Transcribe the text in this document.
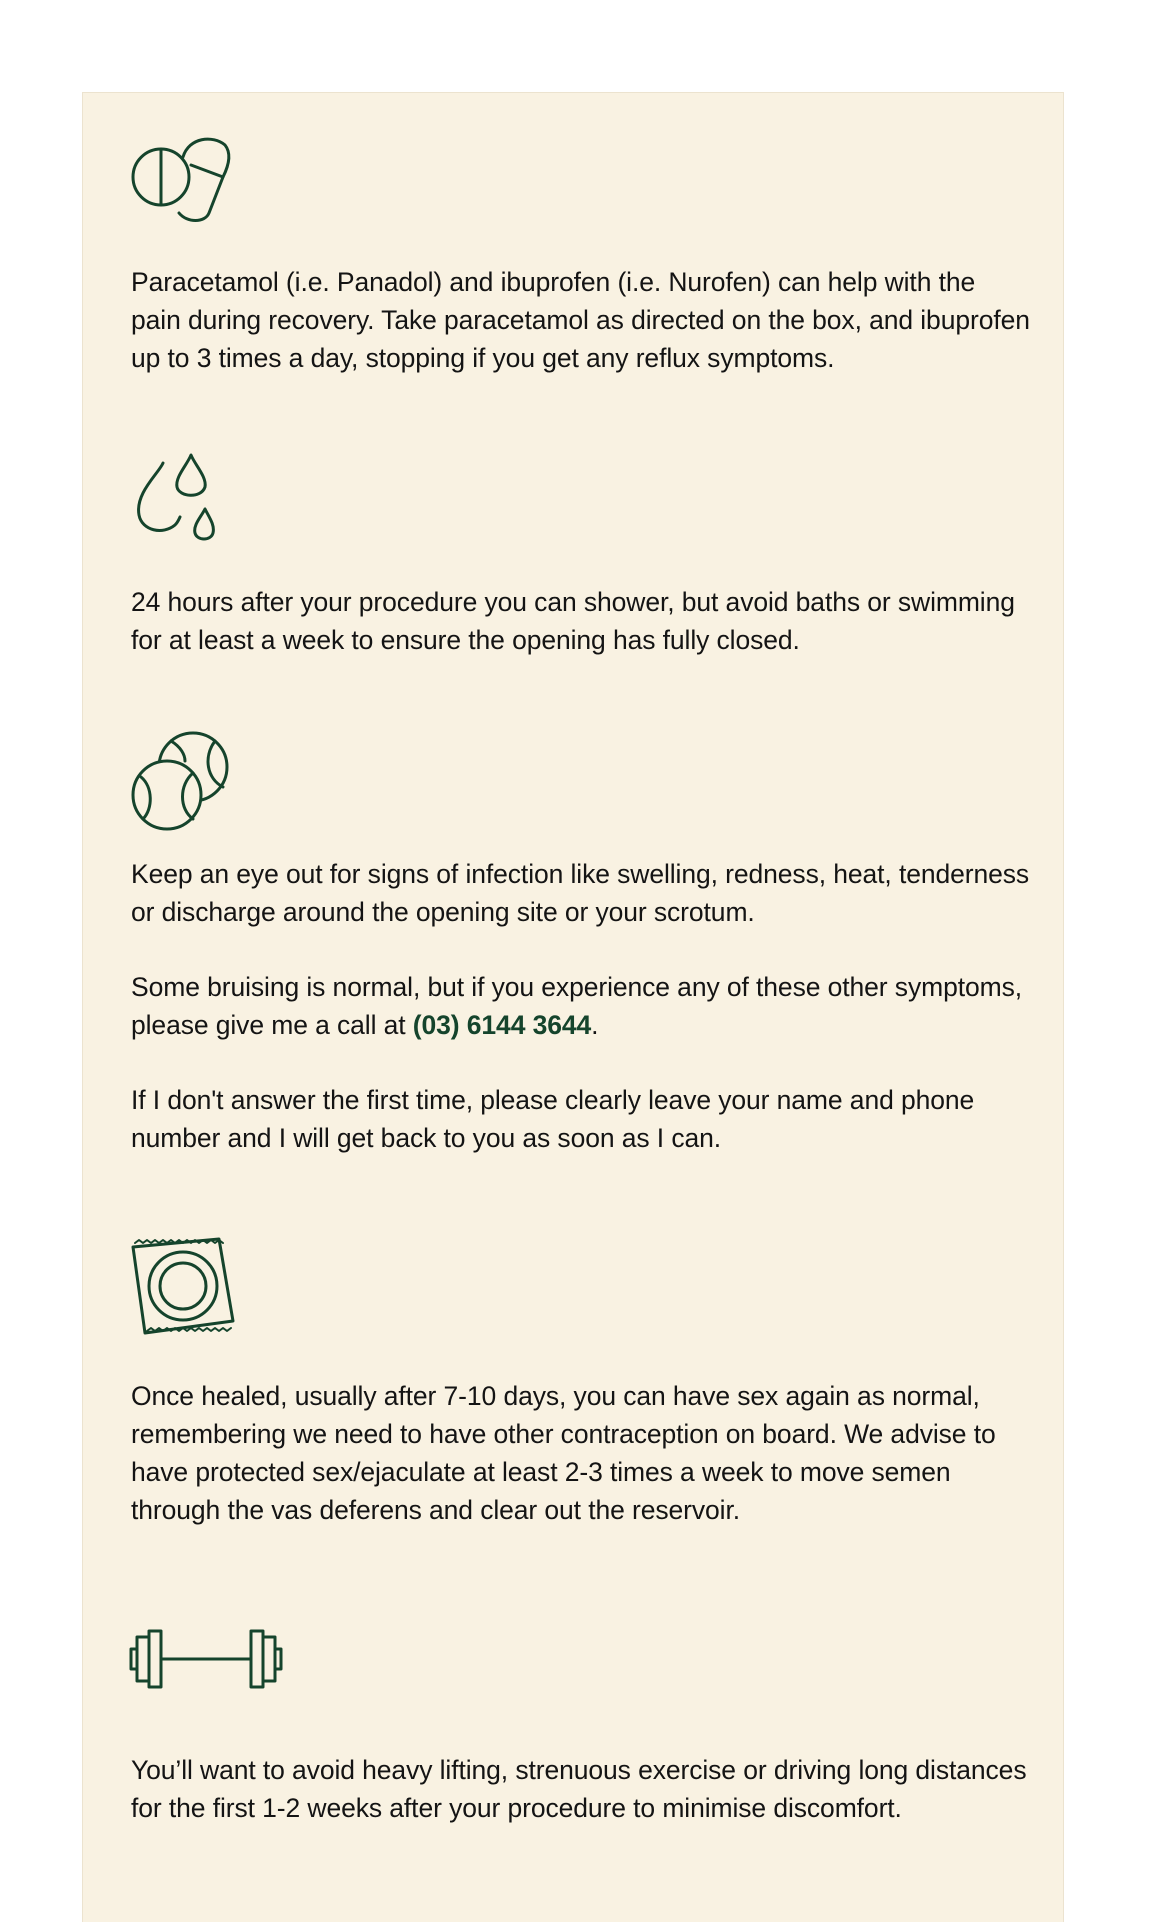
Paracetamol (i.e. Panadol) and ibuprofen (i.e. Nurofen) can help with the pain during recovery. Take paracetamol as directed on the box, and ibuprofen up to 3 times a day, stopping if you get any reflux symptoms.

24 hours after your procedure you can shower, but avoid baths or swimming for at least a week to ensure the opening has fully closed.

Keep an eye out for signs of infection like swelling, redness, heat, tenderness or discharge around the opening site or your scrotum.

Some bruising is normal, but if you experience any of these other symptoms, please give me a call at (03) 6144 3644.

If I don't answer the first time, please clearly leave your name and phone number and I will get back to you as soon as I can.

Once healed, usually after 7-10 days, you can have sex again as normal, remembering we need to have other contraception on board. We advise to have protected sex/ejaculate at least 2-3 times a week to move semen through the vas deferens and clear out the reservoir.

You’ll want to avoid heavy lifting, strenuous exercise or driving long distances for the first 1-2 weeks after your procedure to minimise discomfort.
